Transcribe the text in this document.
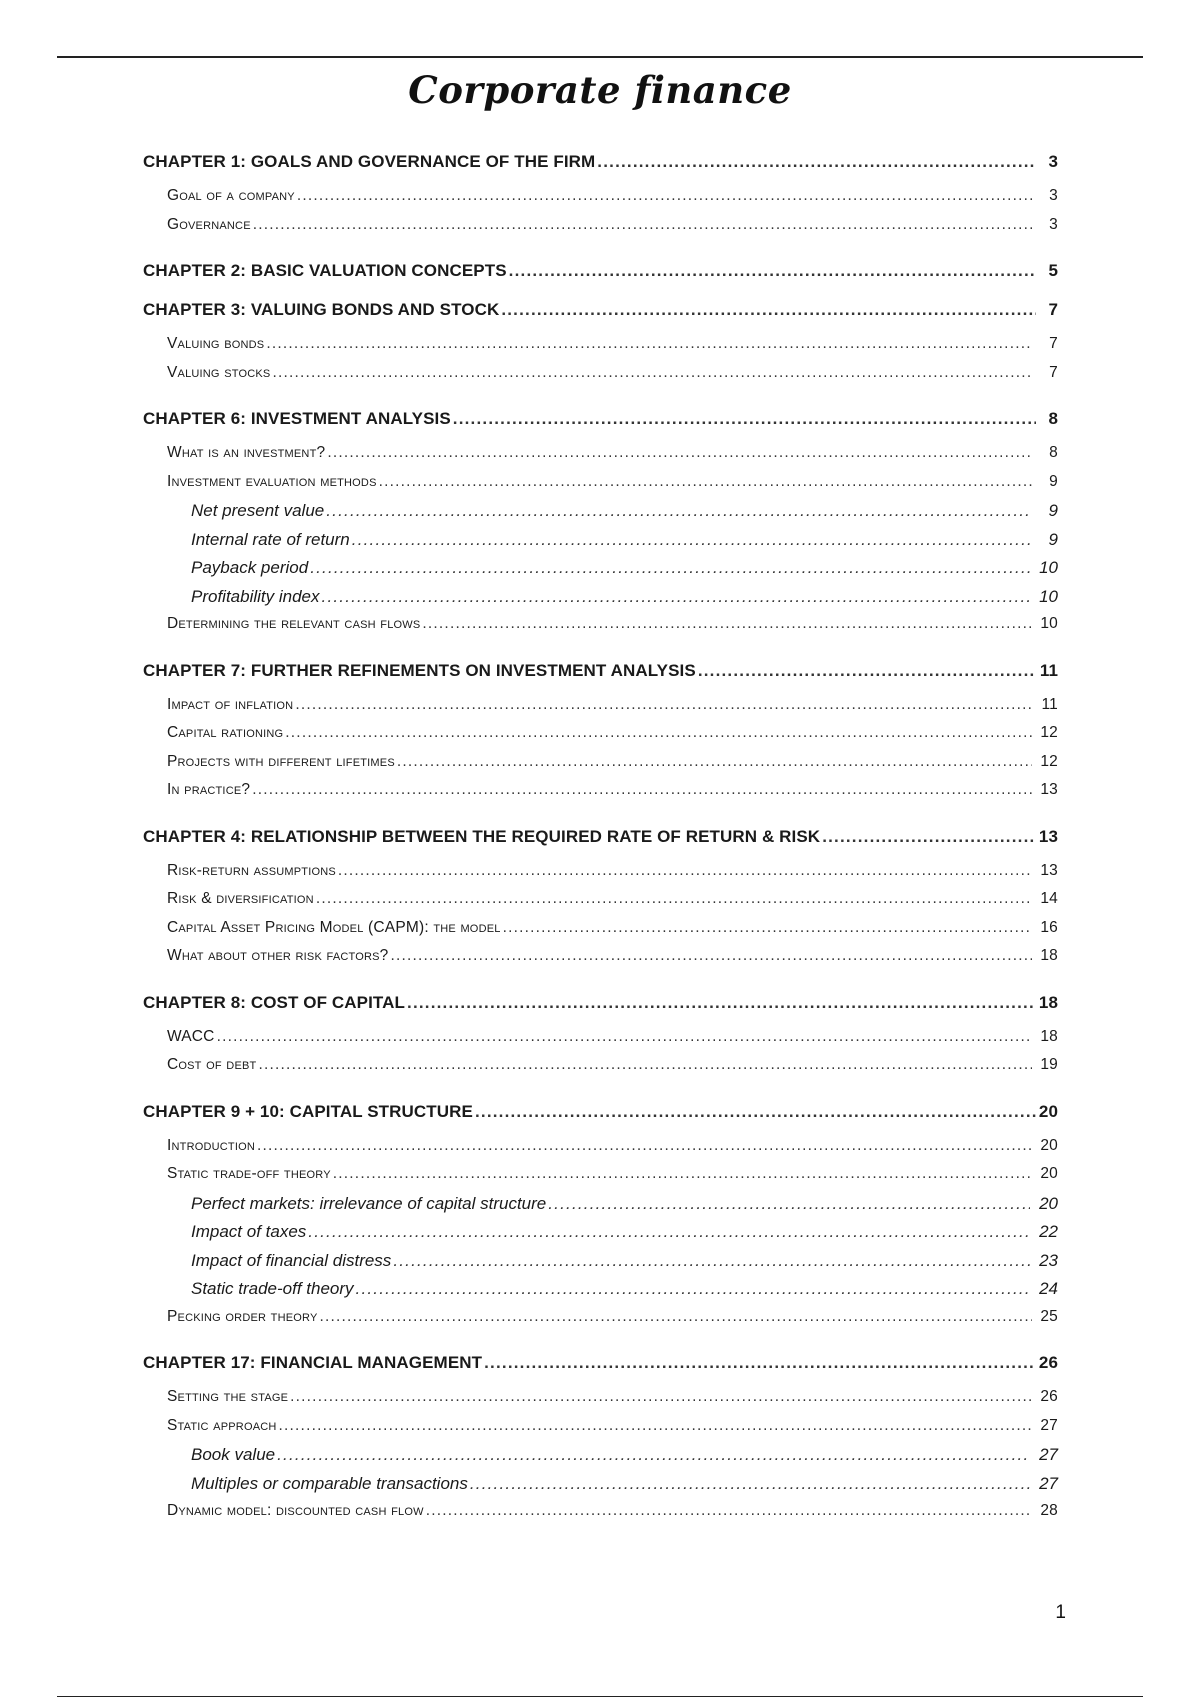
Corporate finance
CHAPTER 1: GOALS AND GOVERNANCE OF THE FIRM .....	3
Goal of a company .....	3
Governance .....	3
CHAPTER 2: BASIC VALUATION CONCEPTS .....	5
CHAPTER 3: VALUING BONDS AND STOCK .....	7
Valuing bonds .....	7
Valuing stocks .....	7
CHAPTER 6: INVESTMENT ANALYSIS .....	8
What is an investment? .....	8
Investment evaluation methods .....	9
Net present value .....	9
Internal rate of return .....	9
Payback period .....	10
Profitability index .....	10
Determining the relevant cash flows .....	10
CHAPTER 7: FURTHER REFINEMENTS ON INVESTMENT ANALYSIS .....	11
Impact of inflation .....	11
Capital rationing .....	12
Projects with different lifetimes .....	12
In practice? .....	13
CHAPTER 4: RELATIONSHIP BETWEEN THE REQUIRED RATE OF RETURN & RISK .....	13
Risk-return assumptions .....	13
Risk & diversification .....	14
Capital Asset Pricing Model (CAPM): the model .....	16
What about other risk factors? .....	18
CHAPTER 8: COST OF CAPITAL .....	18
WACC .....	18
Cost of debt .....	19
CHAPTER 9 + 10: CAPITAL STRUCTURE .....	20
Introduction .....	20
Static trade-off theory .....	20
Perfect markets: irrelevance of capital structure .....	20
Impact of taxes .....	22
Impact of financial distress .....	23
Static trade-off theory .....	24
Pecking order theory .....	25
CHAPTER 17: FINANCIAL MANAGEMENT .....	26
Setting the stage .....	26
Static approach .....	27
Book value .....	27
Multiples or comparable transactions .....	27
Dynamic model: discounted cash flow .....	28
1
